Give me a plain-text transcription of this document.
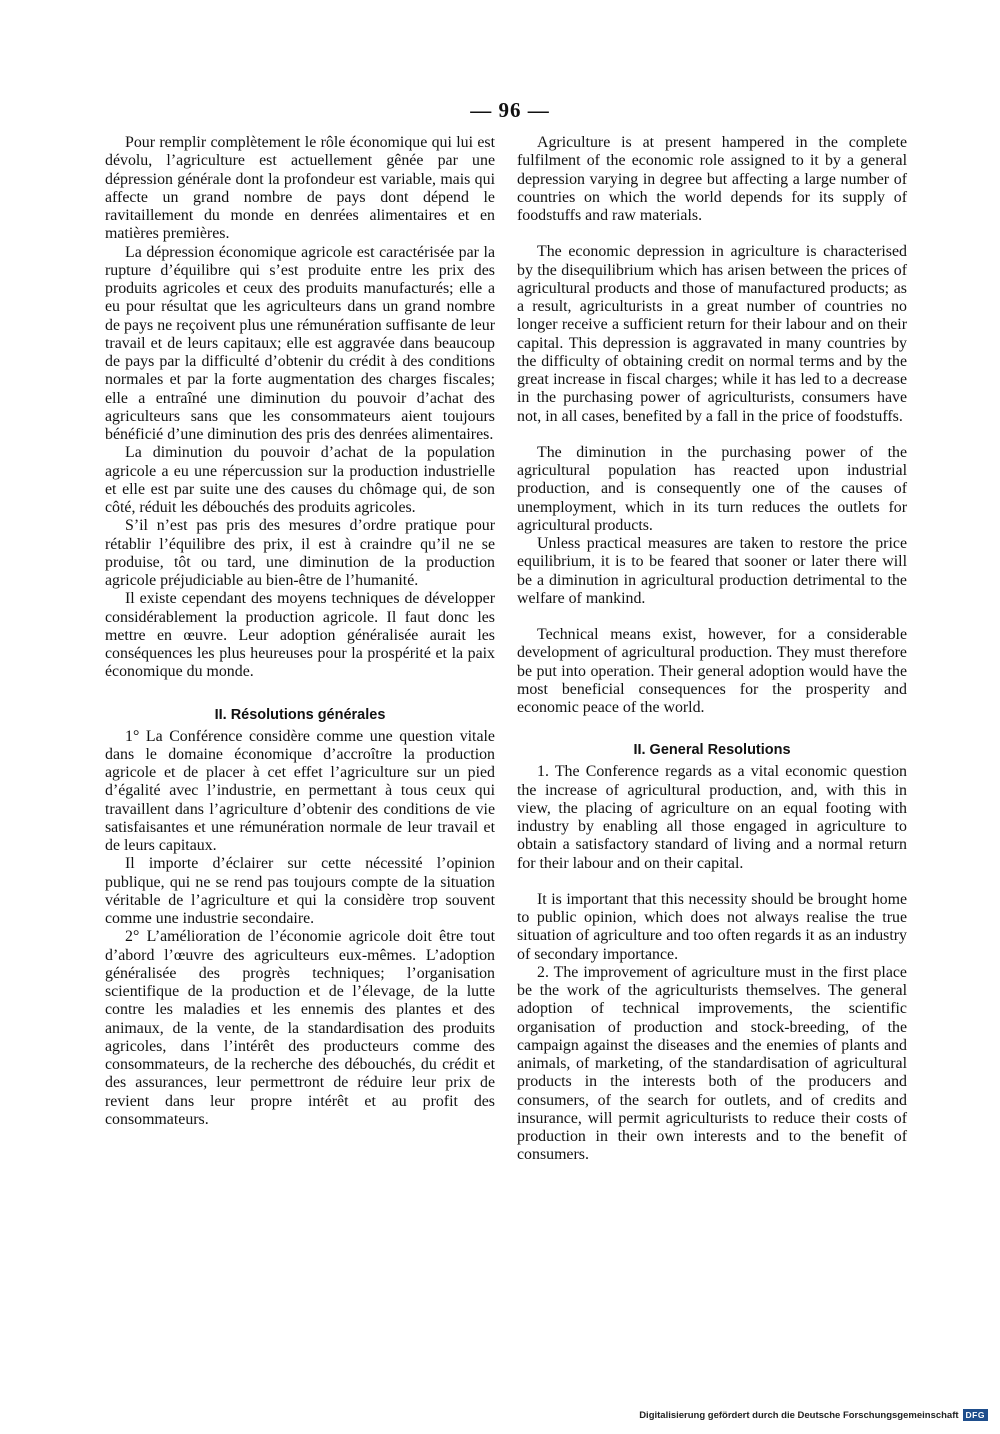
— 96 —

Pour remplir complètement le rôle économique qui lui est dévolu, l’agriculture est actuellement gênée par une dépression générale dont la profondeur est variable, mais qui affecte un grand nombre de pays dont dépend le ravitaillement du monde en denrées alimentaires et en matières premières.

La dépression économique agricole est caractérisée par la rupture d’équilibre qui s’est produite entre les prix des produits agricoles et ceux des produits manufacturés; elle a eu pour résultat que les agriculteurs dans un grand nombre de pays ne reçoivent plus une rémunération suffisante de leur travail et de leurs capitaux; elle est aggravée dans beaucoup de pays par la difficulté d’obtenir du crédit à des conditions normales et par la forte augmentation des charges fiscales; elle a entraîné une diminution du pouvoir d’achat des agriculteurs sans que les consommateurs aient toujours bénéficié d’une diminution des pris des denrées alimentaires.

La diminution du pouvoir d’achat de la population agricole a eu une répercussion sur la production industrielle et elle est par suite une des causes du chômage qui, de son côté, réduit les débouchés des produits agricoles.

S’il n’est pas pris des mesures d’ordre pratique pour rétablir l’équilibre des prix, il est à craindre qu’il ne se produise, tôt ou tard, une diminution de la production agricole préjudiciable au bien-être de l’humanité.

Il existe cependant des moyens techniques de développer considérablement la production agricole. Il faut donc les mettre en œuvre. Leur adoption généralisée aurait les conséquences les plus heureuses pour la prospérité et la paix économique du monde.

II. Résolutions générales

1° La Conférence considère comme une question vitale dans le domaine économique d’accroître la production agricole et de placer à cet effet l’agriculture sur un pied d’égalité avec l’industrie, en permettant à tous ceux qui travaillent dans l’agriculture d’obtenir des conditions de vie satisfaisantes et une rémunération normale de leur travail et de leurs capitaux.

Il importe d’éclairer sur cette nécessité l’opinion publique, qui ne se rend pas toujours compte de la situation véritable de l’agriculture et qui la considère trop souvent comme une industrie secondaire.

2° L’amélioration de l’économie agricole doit être tout d’abord l’œuvre des agriculteurs eux-mêmes. L’adoption généralisée des progrès techniques; l’organisation scientifique de la production et de l’élevage, de la lutte contre les maladies et les ennemis des plantes et des animaux, de la vente, de la standardisation des produits agricoles, dans l’intérêt des producteurs comme des consommateurs, de la recherche des débouchés, du crédit et des assurances, leur permettront de réduire leur prix de revient dans leur propre intérêt et au profit des consommateurs.

Agriculture is at present hampered in the complete fulfilment of the economic role assigned to it by a general depression varying in degree but affecting a large number of countries on which the world depends for its supply of foodstuffs and raw materials.

The economic depression in agriculture is characterised by the disequilibrium which has arisen between the prices of agricultural products and those of manufactured products; as a result, agriculturists in a great number of countries no longer receive a sufficient return for their labour and on their capital. This depression is aggravated in many countries by the difficulty of obtaining credit on normal terms and by the great increase in fiscal charges; while it has led to a decrease in the purchasing power of agriculturists, consumers have not, in all cases, benefited by a fall in the price of foodstuffs.

The diminution in the purchasing power of the agricultural population has reacted upon industrial production, and is consequently one of the causes of unemployment, which in its turn reduces the outlets for agricultural products.

Unless practical measures are taken to restore the price equilibrium, it is to be feared that sooner or later there will be a diminution in agricultural production detrimental to the welfare of mankind.

Technical means exist, however, for a considerable development of agricultural production. They must therefore be put into operation. Their general adoption would have the most beneficial consequences for the prosperity and economic peace of the world.

II. General Resolutions

1. The Conference regards as a vital economic question the increase of agricultural production, and, with this in view, the placing of agriculture on an equal footing with industry by enabling all those engaged in agriculture to obtain a satisfactory standard of living and a normal return for their labour and on their capital.

It is important that this necessity should be brought home to public opinion, which does not always realise the true situation of agriculture and too often regards it as an industry of secondary importance.

2. The improvement of agriculture must in the first place be the work of the agriculturists themselves. The general adoption of technical improvements, the scientific organisation of production and stock-breeding, of the campaign against the diseases and the enemies of plants and animals, of marketing, of the standardisation of agricultural products in the interests both of the producers and consumers, of the search for outlets, and of credits and insurance, will permit agriculturists to reduce their costs of production in their own interests and to the benefit of consumers.

Digitalisierung gefördert durch die Deutsche Forschungsgemeinschaft DFG
